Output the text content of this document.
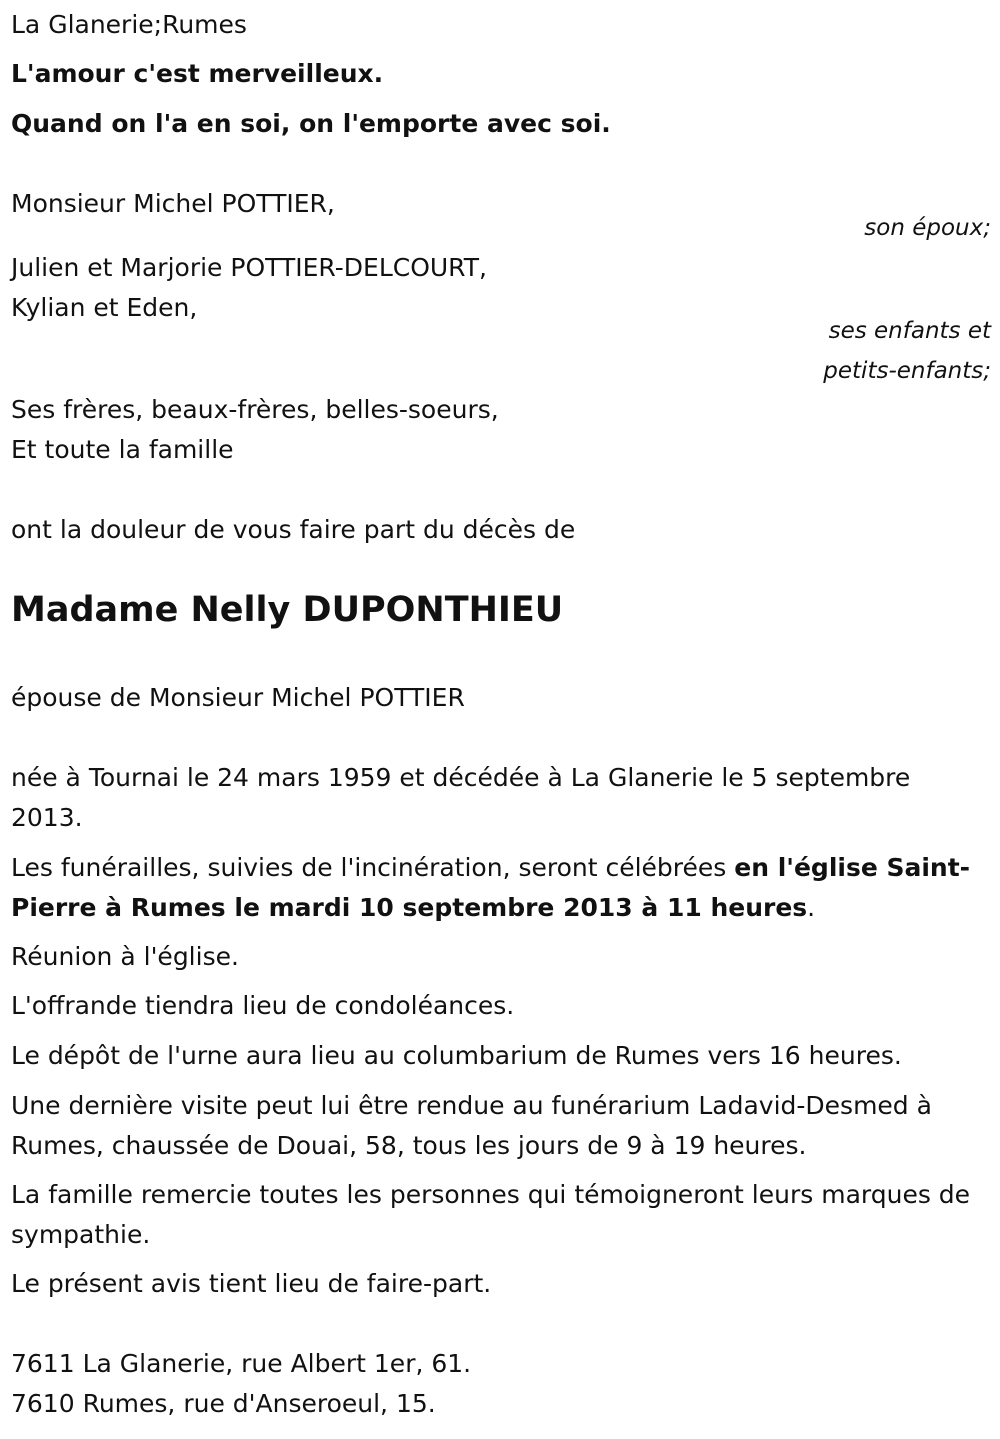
La Glanerie;Rumes
L'amour c'est merveilleux.
Quand on l'a en soi, on l'emporte avec soi.
Monsieur Michel POTTIER,
son époux;
Julien et Marjorie POTTIER-DELCOURT,
Kylian et Eden,
ses enfants et
petits-enfants;
Ses frères, beaux-frères, belles-soeurs,
Et toute la famille
ont la douleur de vous faire part du décès de
Madame Nelly DUPONTHIEU
épouse de Monsieur Michel POTTIER
née à Tournai le 24 mars 1959 et décédée à La Glanerie le 5 septembre 2013.
Les funérailles, suivies de l'incinération, seront célébrées en l'église Saint-Pierre à Rumes le mardi 10 septembre 2013 à 11 heures.
Réunion à l'église.
L'offrande tiendra lieu de condoléances.
Le dépôt de l'urne aura lieu au columbarium de Rumes vers 16 heures.
Une dernière visite peut lui être rendue au funérarium Ladavid-Desmed à Rumes, chaussée de Douai, 58, tous les jours de 9 à 19 heures.
La famille remercie toutes les personnes qui témoigneront leurs marques de sympathie.
Le présent avis tient lieu de faire-part.
7611 La Glanerie, rue Albert 1er, 61.
7610 Rumes, rue d'Anseroeul, 15.
